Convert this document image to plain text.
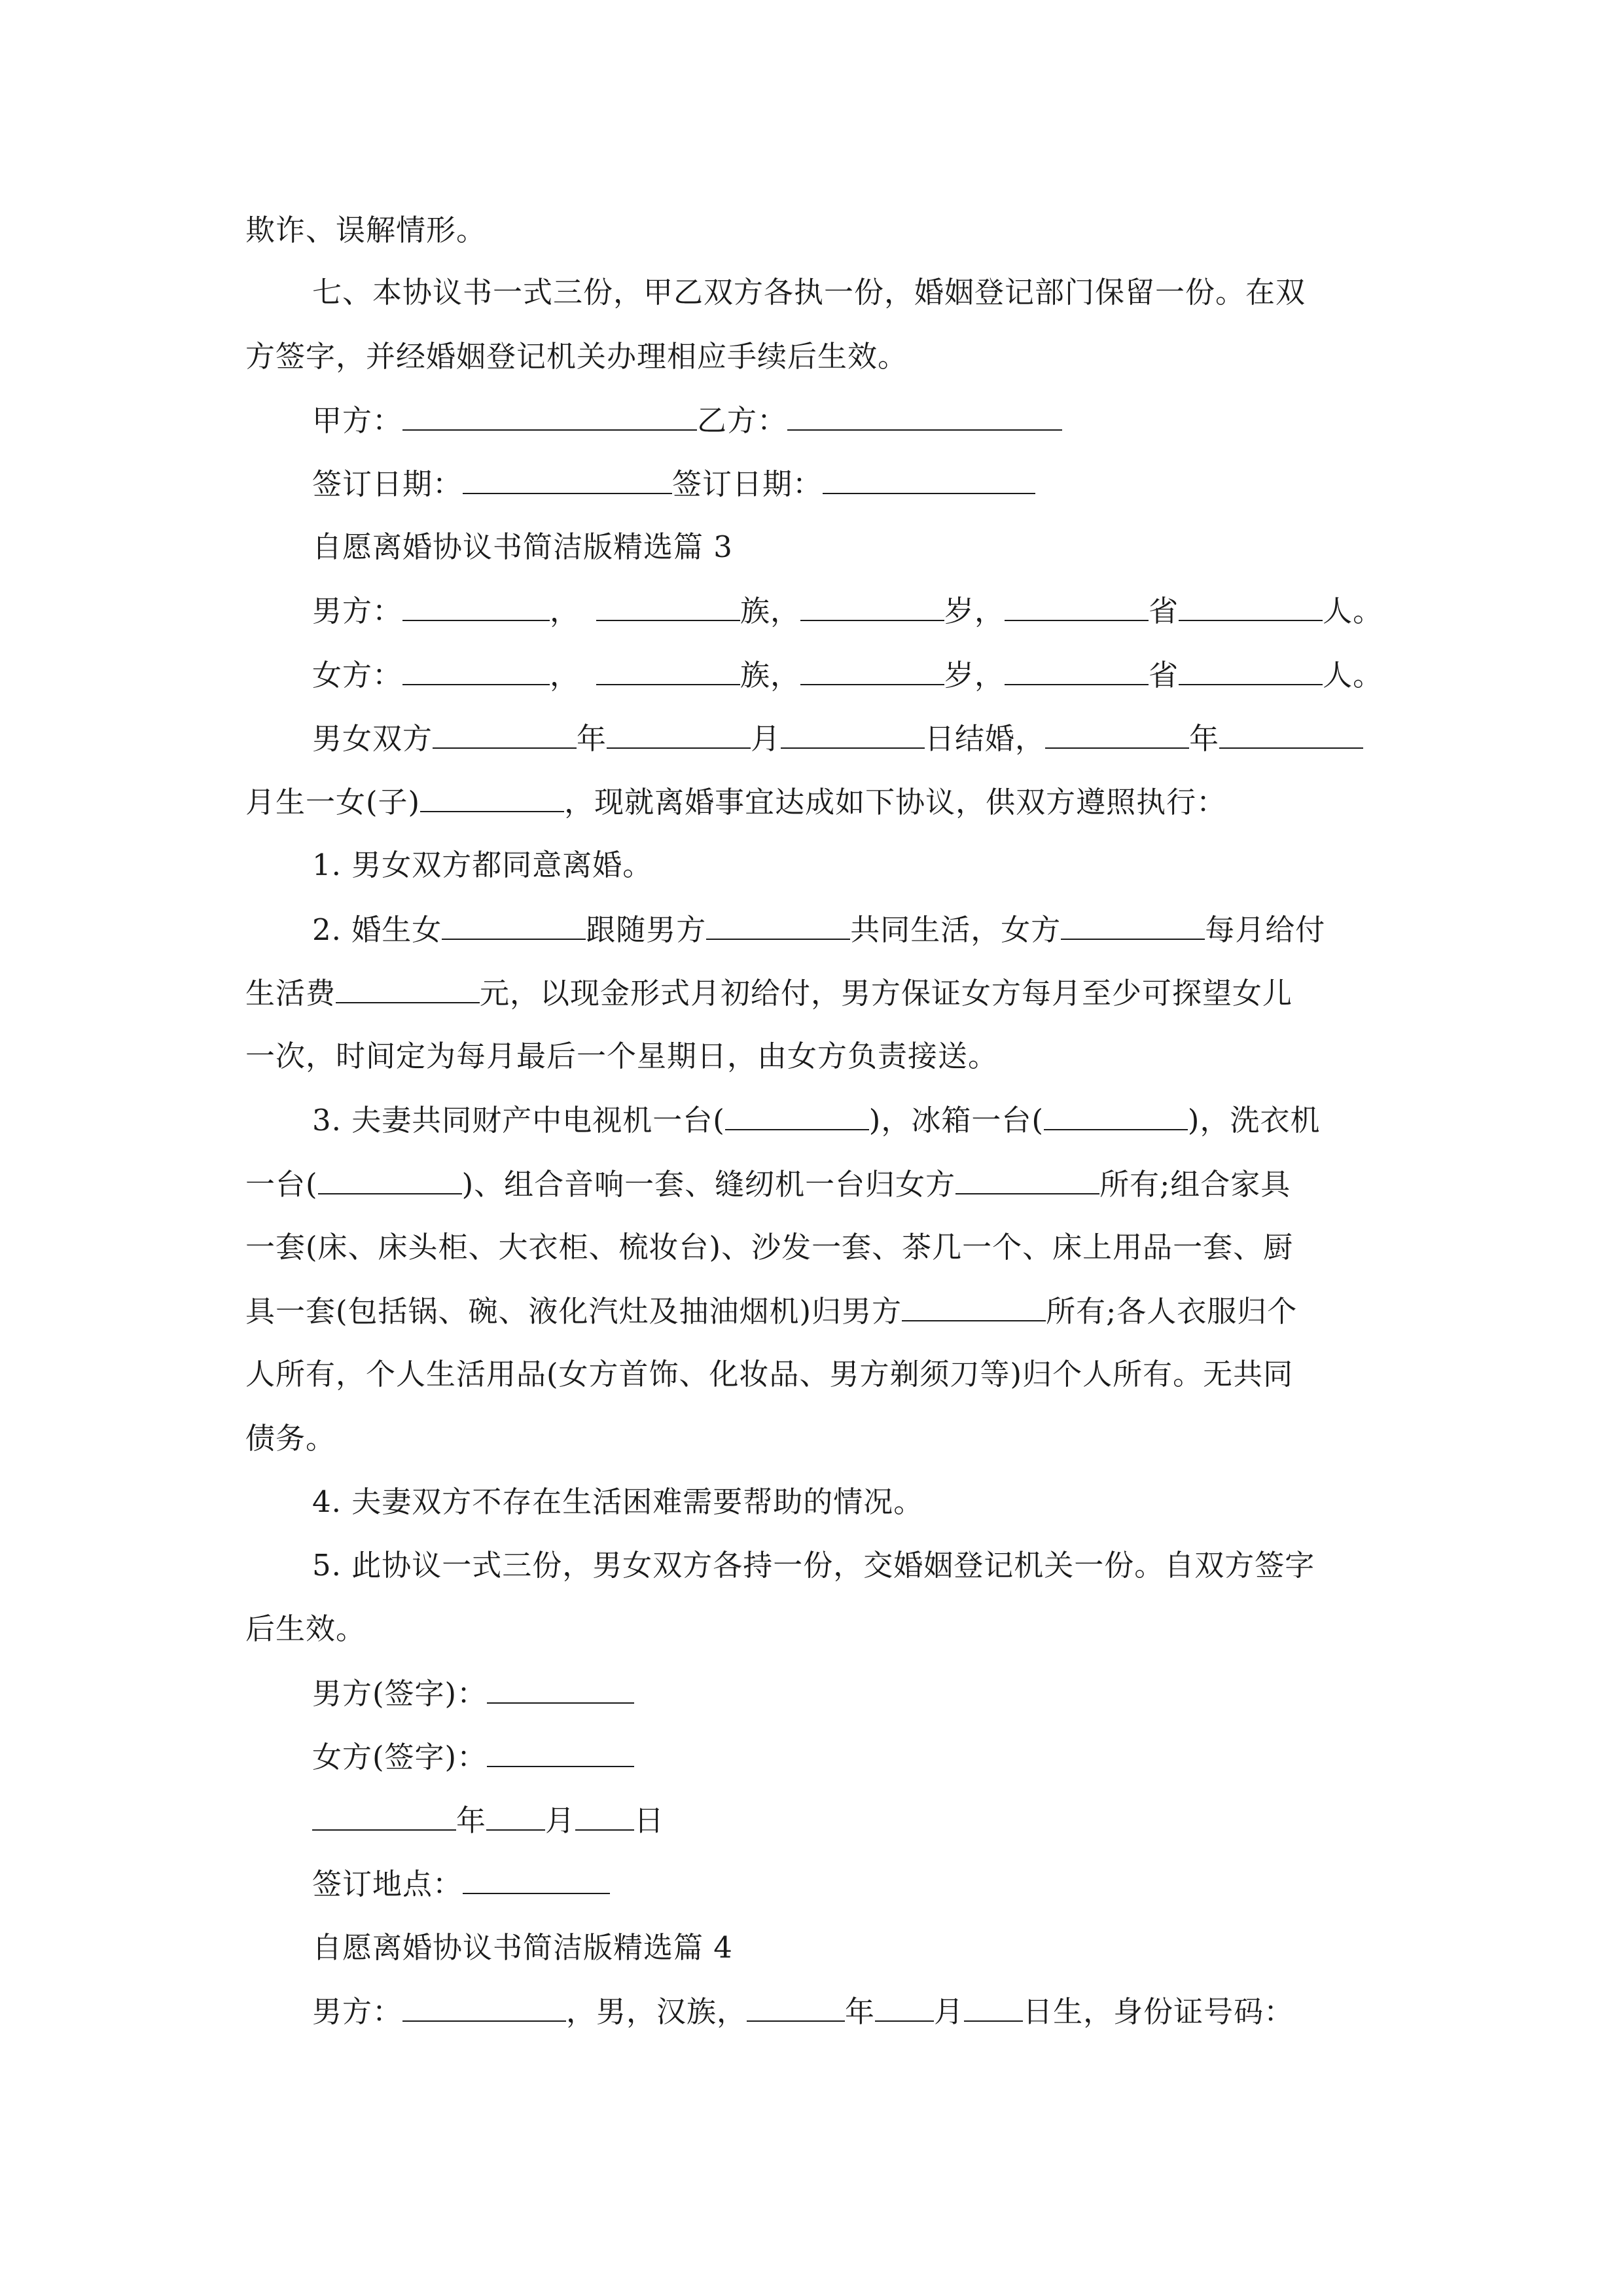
欺诈、误解情形。
七、本协议书一式三份，甲乙双方各执一份，婚姻登记部门保留一份。在双
方签字，并经婚姻登记机关办理相应手续后生效。
甲方：	乙方：
签订日期：	签订日期：
自愿离婚协议书简洁版精选篇 3
男方：	，	族，	岁，	省	人。
女方：	，	族，	岁，	省	人。
男女双方	年	月	日结婚，	年
月生一女(子)	，现就离婚事宜达成如下协议，供双方遵照执行：
1. 男女双方都同意离婚。
2. 婚生女	跟随男方	共同生活，女方	每月给付
生活费	元，以现金形式月初给付，男方保证女方每月至少可探望女儿
一次，时间定为每月最后一个星期日，由女方负责接送。
3. 夫妻共同财产中电视机一台(	)，冰箱一台(	)，洗衣机
一台(	)、组合音响一套、缝纫机一台归女方	所有;组合家具
一套(床、床头柜、大衣柜、梳妆台)、沙发一套、茶几一个、床上用品一套、厨
具一套(包括锅、碗、液化汽灶及抽油烟机)归男方	所有;各人衣服归个
人所有，个人生活用品(女方首饰、化妆品、男方剃须刀等)归个人所有。无共同
债务。
4. 夫妻双方不存在生活困难需要帮助的情况。
5. 此协议一式三份，男女双方各持一份，交婚姻登记机关一份。自双方签字
后生效。
男方(签字)：
女方(签字)：
年 月 日
签订地点：
自愿离婚协议书简洁版精选篇 4
男方：	，男，汉族，	年 月 日生，身份证号码：
